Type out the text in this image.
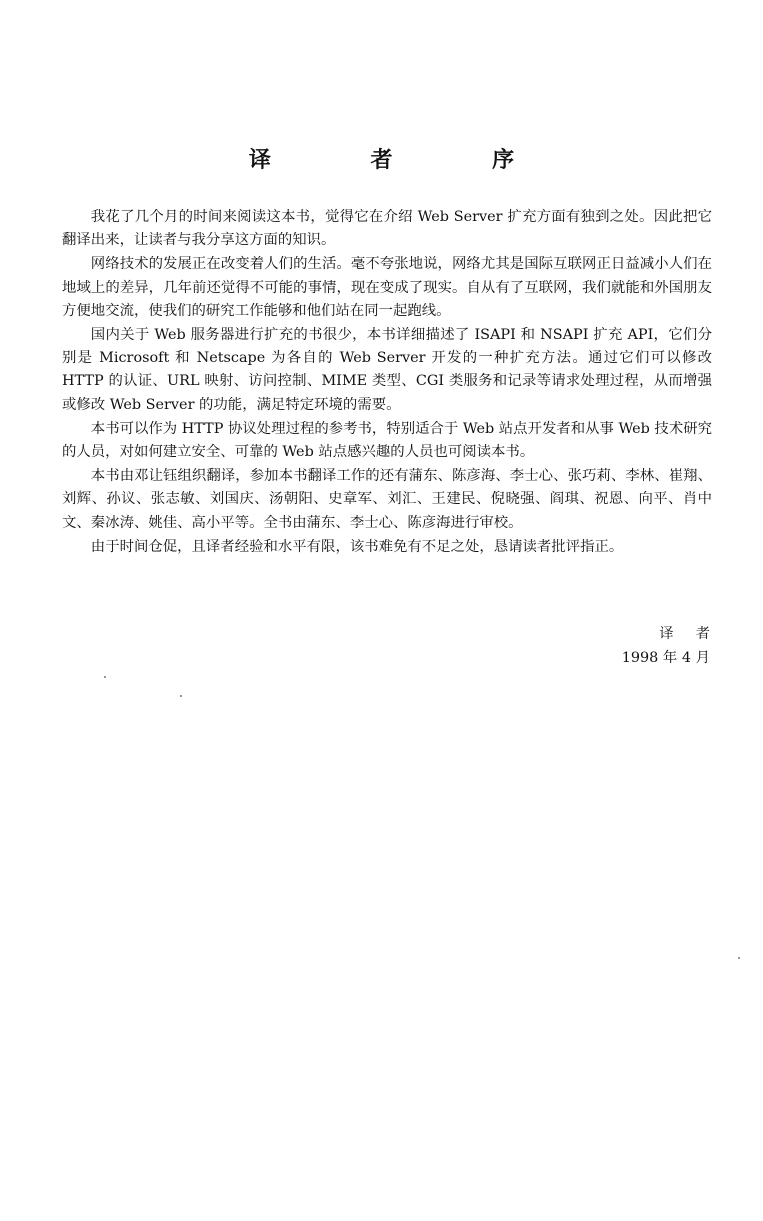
译 者 序

我花了几个月的时间来阅读这本书，觉得它在介绍 Web Server 扩充方面有独到之处。因此把它翻译出来，让读者与我分享这方面的知识。

网络技术的发展正在改变着人们的生活。毫不夸张地说，网络尤其是国际互联网正日益减小人们在地域上的差异，几年前还觉得不可能的事情，现在变成了现实。自从有了互联网，我们就能和外国朋友方便地交流，使我们的研究工作能够和他们站在同一起跑线。

国内关于 Web 服务器进行扩充的书很少，本书详细描述了 ISAPI 和 NSAPI 扩充 API，它们分别是 Microsoft 和 Netscape 为各自的 Web Server 开发的一种扩充方法。通过它们可以修改 HTTP 的认证、URL 映射、访问控制、MIME 类型、CGI 类服务和记录等请求处理过程，从而增强或修改 Web Server 的功能，满足特定环境的需要。

本书可以作为 HTTP 协议处理过程的参考书，特别适合于 Web 站点开发者和从事 Web 技术研究的人员，对如何建立安全、可靠的 Web 站点感兴趣的人员也可阅读本书。

本书由邓让钰组织翻译，参加本书翻译工作的还有蒲东、陈彦海、李士心、张巧莉、李林、崔翔、刘辉、孙议、张志敏、刘国庆、汤朝阳、史章军、刘汇、王建民、倪晓强、阎琪、祝恩、向平、肖中文、秦冰涛、姚佳、高小平等。全书由蒲东、李士心、陈彦海进行审校。

由于时间仓促，且译者经验和水平有限，该书难免有不足之处，恳请读者批评指正。

译者
1998 年 4 月
